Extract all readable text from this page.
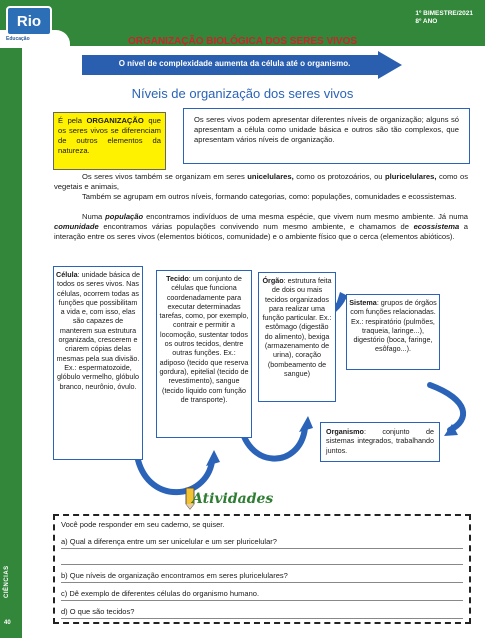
CIÊNCIAS
40
Rio
Educação
1º BIMESTRE/2021
8º ANO
ORGANIZAÇÃO BIOLÓGICA DOS SERES VIVOS
O nível de complexidade aumenta da célula até o organismo.
Níveis de organização dos seres vivos
É pela ORGANIZAÇÃO que os seres vivos se diferenciam de outros elementos da natureza.
Os seres vivos podem apresentar diferentes níveis de organização; alguns só apresentam a célula como unidade básica e outros são tão complexos, que apresentam vários níveis de organização.
Os seres vivos também se organizam em seres unicelulares, como os protozoários, ou pluricelulares, como os vegetais e animais,
Também se agrupam em outros níveis, formando categorias, como: populações, comunidades e ecossistemas.
Numa população encontramos indivíduos de uma mesma espécie, que vivem num mesmo ambiente. Já numa comunidade encontramos várias populações convivendo num mesmo ambiente, e chamamos de ecossistema a interação entre os seres vivos (elementos bióticos, comunidade) e o ambiente físico que o cerca (elementos abióticos).
Célula: unidade básica de todos os seres vivos. Nas células, ocorrem todas as funções que possibilitam a vida e, com isso, elas são capazes de manterem sua estrutura organizada, crescerem e criarem cópias delas mesmas pela sua divisão. Ex.: espermatozoide, glóbulo vermelho, glóbulo branco, neurônio, óvulo.
Tecido: um conjunto de células que funciona coordenadamente para executar determinadas tarefas, como, por exemplo, contrair e permitir a locomoção, sustentar todos os outros tecidos, dentre outras funções. Ex.: adiposo (tecido que reserva gordura), epitelial (tecido de revestimento), sangue (tecido líquido com função de transporte).
Órgão: estrutura feita de dois ou mais tecidos organizados para realizar uma função particular. Ex.: estômago (digestão do alimento), bexiga (armazenamento de urina), coração (bombeamento de sangue)
Sistema: grupos de órgãos com funções relacionadas. Ex.: respiratório (pulmões, traqueia, laringe...), digestório (boca, faringe, esôfago...).
Organismo: conjunto de sistemas integrados, trabalhando juntos.
Atividades
Você pode responder em seu caderno, se quiser.
a) Qual a diferença entre um ser unicelular e um ser pluricelular?
b) Que níveis de organização encontramos em seres pluricelulares?
c) Dê exemplo de diferentes células do organismo humano.
d) O que são tecidos?
